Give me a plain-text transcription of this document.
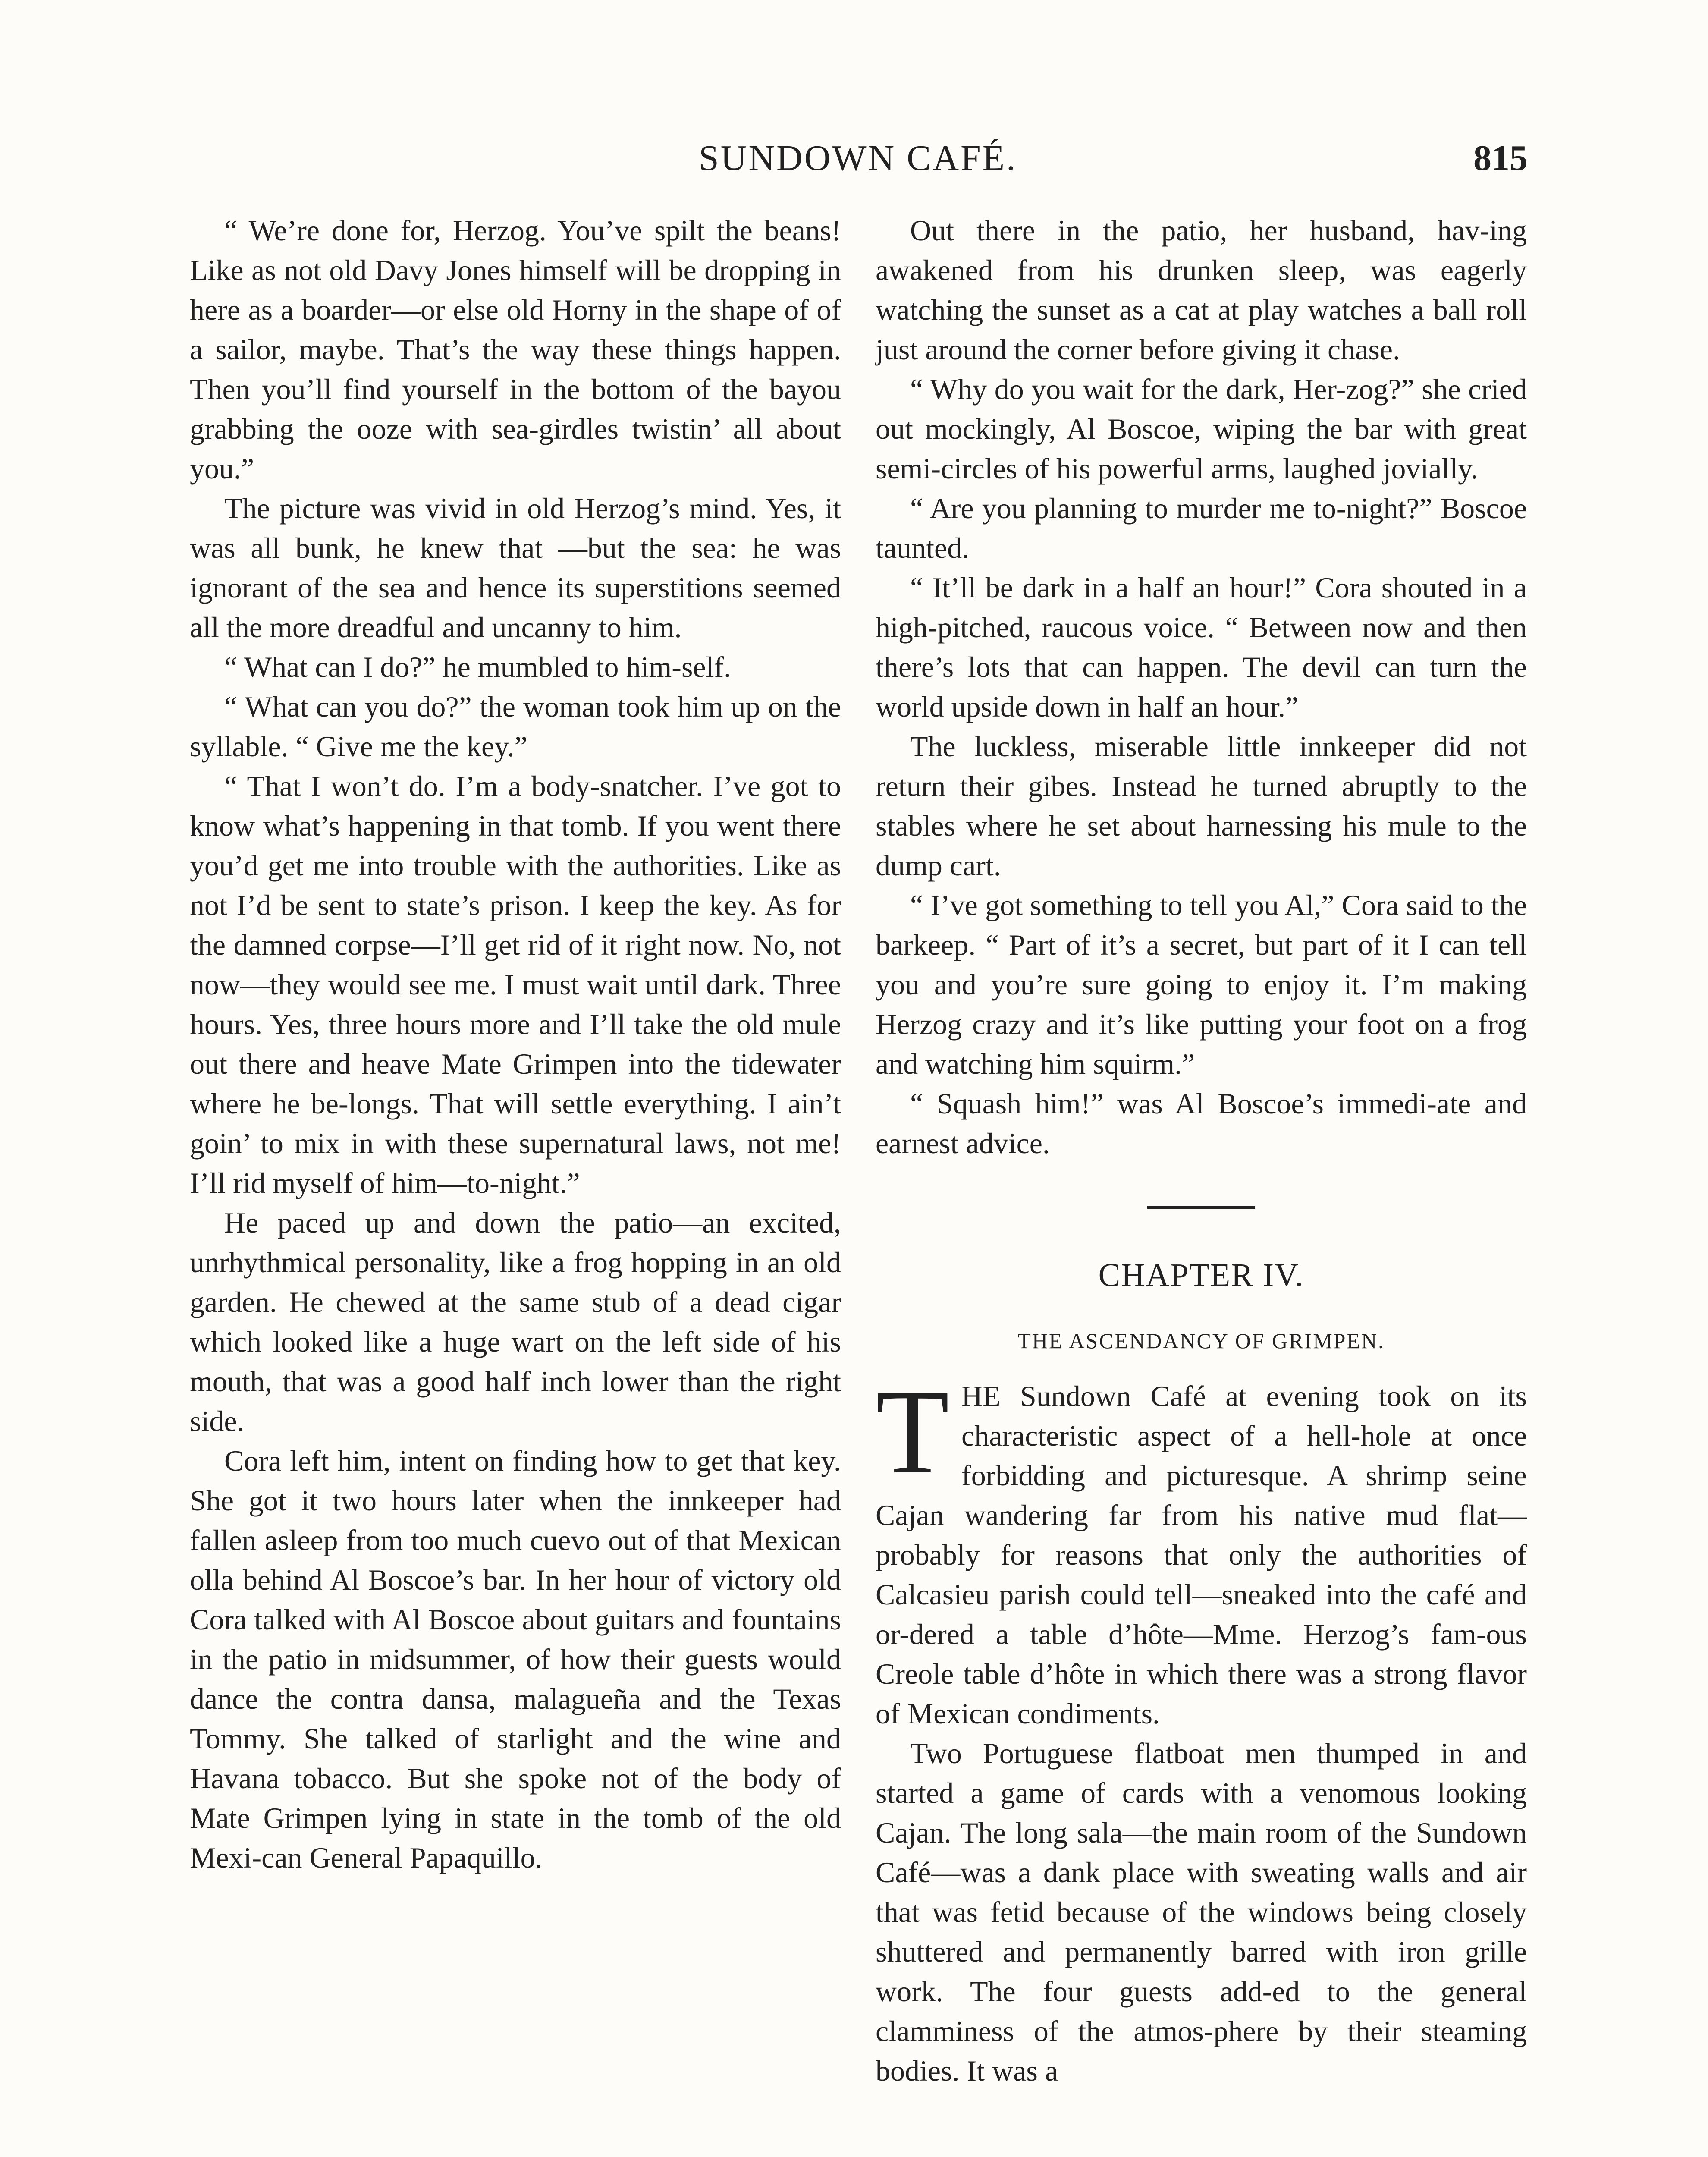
SUNDOWN CAFÉ.	815

“ We’re done for, Herzog. You’ve spilt the beans! Like as not old Davy Jones himself will be dropping in here as a boarder—or else old Horny in the shape of of a sailor, maybe. That’s the way these things happen. Then you’ll find yourself in the bottom of the bayou grabbing the ooze with sea-girdles twistin’ all about you.”

The picture was vivid in old Herzog’s mind. Yes, it was all bunk, he knew that —but the sea: he was ignorant of the sea and hence its superstitions seemed all the more dreadful and uncanny to him.

“ What can I do?” he mumbled to him-self.

“ What can you do?” the woman took him up on the syllable. “ Give me the key.”

“ That I won’t do. I’m a body-snatcher. I’ve got to know what’s happening in that tomb. If you went there you’d get me into trouble with the authorities. Like as not I’d be sent to state’s prison. I keep the key. As for the damned corpse—I’ll get rid of it right now. No, not now—they would see me. I must wait until dark. Three hours. Yes, three hours more and I’ll take the old mule out there and heave Mate Grimpen into the tidewater where he be-longs. That will settle everything. I ain’t goin’ to mix in with these supernatural laws, not me! I’ll rid myself of him—to-night.”

He paced up and down the patio—an excited, unrhythmical personality, like a frog hopping in an old garden. He chewed at the same stub of a dead cigar which looked like a huge wart on the left side of his mouth, that was a good half inch lower than the right side.

Cora left him, intent on finding how to get that key. She got it two hours later when the innkeeper had fallen asleep from too much cuevo out of that Mexican olla behind Al Boscoe’s bar. In her hour of victory old Cora talked with Al Boscoe about guitars and fountains in the patio in midsummer, of how their guests would dance the contra dansa, malagueña and the Texas Tommy. She talked of starlight and the wine and Havana tobacco. But she spoke not of the body of Mate Grimpen lying in state in the tomb of the old Mexi-can General Papaquillo.

Out there in the patio, her husband, hav-ing awakened from his drunken sleep, was eagerly watching the sunset as a cat at play watches a ball roll just around the corner before giving it chase.

“ Why do you wait for the dark, Her-zog?” she cried out mockingly, Al Boscoe, wiping the bar with great semi-circles of his powerful arms, laughed jovially.

“ Are you planning to murder me to-night?” Boscoe taunted.

“ It’ll be dark in a half an hour!” Cora shouted in a high-pitched, raucous voice. “ Between now and then there’s lots that can happen. The devil can turn the world upside down in half an hour.”

The luckless, miserable little innkeeper did not return their gibes. Instead he turned abruptly to the stables where he set about harnessing his mule to the dump cart.

“ I’ve got something to tell you Al,” Cora said to the barkeep. “ Part of it’s a secret, but part of it I can tell you and you’re sure going to enjoy it. I’m making Herzog crazy and it’s like putting your foot on a frog and watching him squirm.”

“ Squash him!” was Al Boscoe’s immedi-ate and earnest advice.

CHAPTER IV.
THE ASCENDANCY OF GRIMPEN.

THE Sundown Café at evening took on its characteristic aspect of a hell-hole at once forbidding and picturesque. A shrimp seine Cajan wandering far from his native mud flat—probably for reasons that only the authorities of Calcasieu parish could tell—sneaked into the café and or-dered a table d’hôte—Mme. Herzog’s fam-ous Creole table d’hôte in which there was a strong flavor of Mexican condiments.

Two Portuguese flatboat men thumped in and started a game of cards with a venomous looking Cajan. The long sala—the main room of the Sundown Café—was a dank place with sweating walls and air that was fetid because of the windows being closely shuttered and permanently barred with iron grille work. The four guests add-ed to the general clamminess of the atmos-phere by their steaming bodies. It was a
